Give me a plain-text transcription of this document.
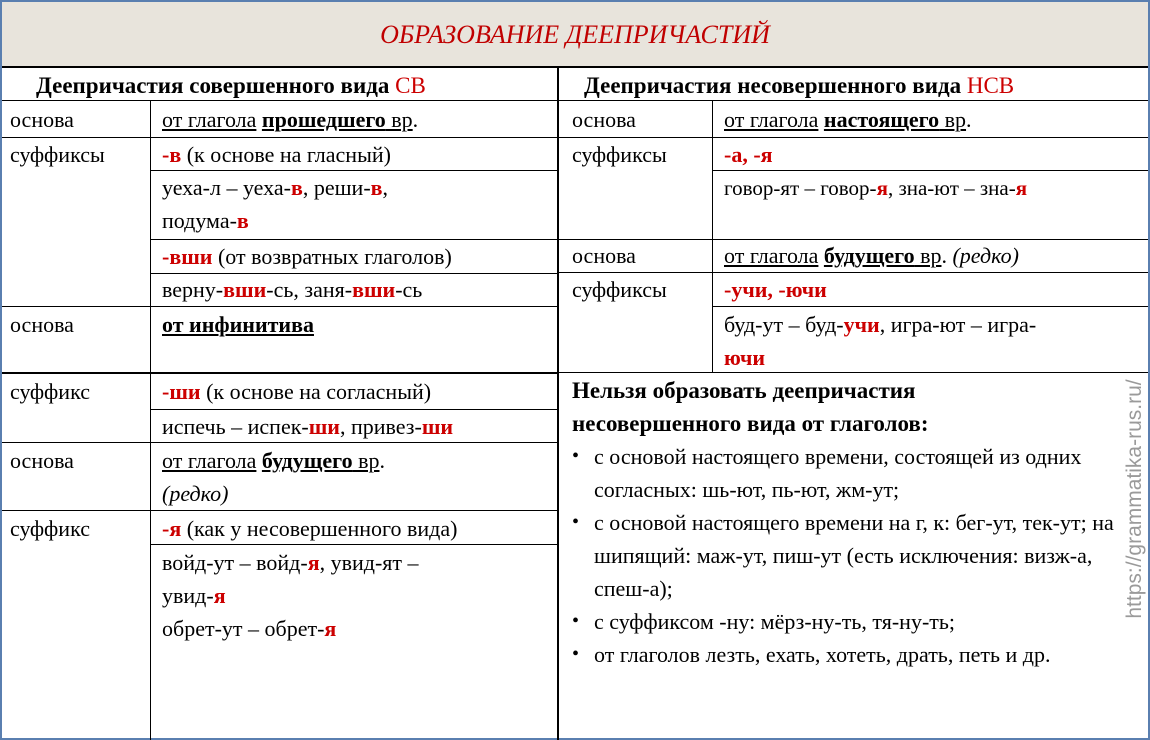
ОБРАЗОВАНИЕ ДЕЕПРИЧАСТИЙ
Деепричастия совершенного вида СВ	Деепричастия несовершенного вида НСВ
основа	от глагола прошедшего вр.
суффиксы	-в (к основе на гласный)
уеха-л – уеха-в, реши-в,
подума-в
-вши (от возвратных глаголов)
верну-вши-сь, заня-вши-сь
основа	от инфинитива
суффикс	-ши (к основе на согласный)
испечь – испек-ши, привез-ши
основа	от глагола будущего вр.
(редко)
суффикс	-я (как у несовершенного вида)
войд-ут – войд-я, увид-ят –
увид-я
обрет-ут – обрет-я
основа	от глагола настоящего вр.
суффиксы	-а, -я
говор-ят – говор-я, зна-ют – зна-я
основа	от глагола будущего вр. (редко)
суффиксы	-учи, -ючи
буд-ут – буд-учи, игра-ют – игра-
ючи
Нельзя образовать деепричастия
несовершенного вида от глаголов:
• с основой настоящего времени, состоящей из одних согласных: шь-ют, пь-ют, жм-ут;
• с основой настоящего времени на г, к: бег-ут, тек-ут; на шипящий: маж-ут, пиш-ут (есть исключения: визж-а, спеш-а);
• с суффиксом -ну: мёрз-ну-ть, тя-ну-ть;
• от глаголов лезть, ехать, хотеть, драть, петь и др.
https://grammatika-rus.ru/
